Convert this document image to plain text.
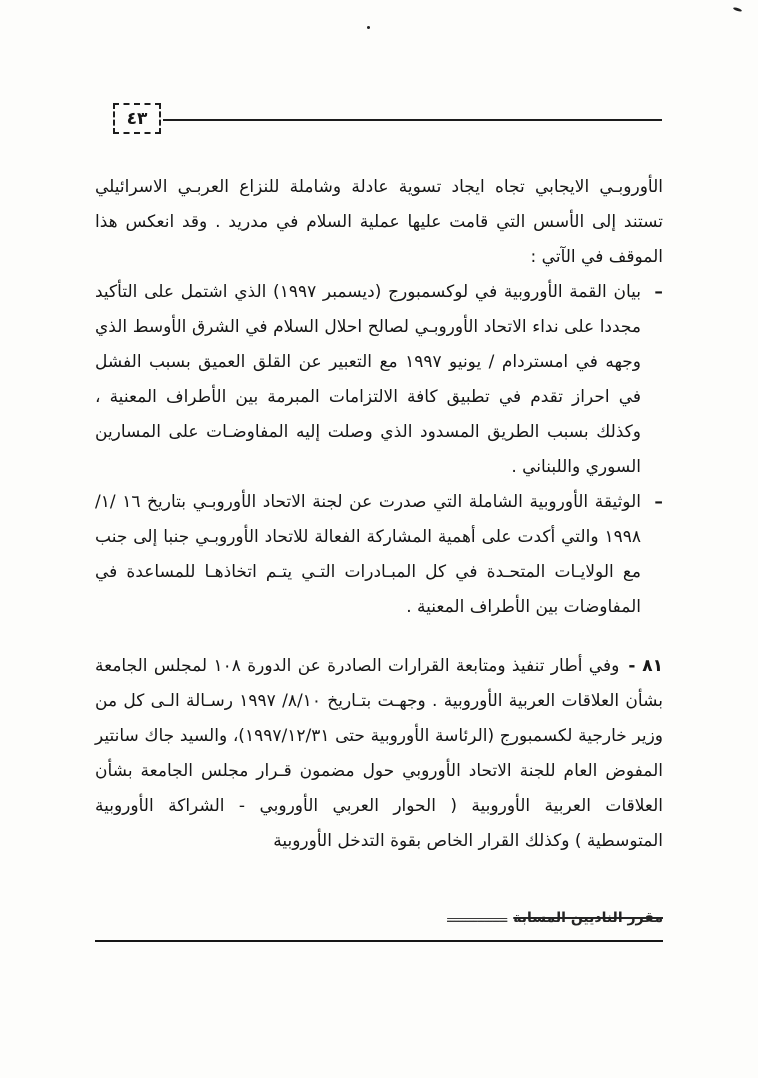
٤٣

الأوروبـي الايجابي تجاه ايجاد تسوية عادلة وشاملة للنزاع العربـي الاسرائيلي تستند إلى الأسس التي قامت عليها عملية السلام في مدريد . وقد انعكس هذا الموقف في الآتي :

–
بيان القمة الأوروبية في لوكسمبورج (ديسمبر ١٩٩٧) الذي اشتمل على التأكيد مجددا على نداء الاتحاد الأوروبـي لصالح احلال السلام في الشرق الأوسط الذي وجهه في امستردام / يونيو ١٩٩٧ مع التعبير عن القلق العميق بسبب الفشل في احراز تقدم في تطبيق كافة الالتزامات المبرمة بين الأطراف المعنية ، وكذلك بسبب الطريق المسدود الذي وصلت إليه المفاوضـات على المسارين السوري واللبناني .
–
الوثيقة الأوروبية الشاملة التي صدرت عن لجنة الاتحاد الأوروبـي بتاريخ ١٦ /١/ ١٩٩٨ والتي أكدت على أهمية المشاركة الفعالة للاتحاد الأوروبـي جنبا إلى جنب مع الولايـات المتحـدة في كل المبـادرات التـي يتـم اتخاذهـا للمساعدة في المفاوضات بين الأطراف المعنية .

٨١ -وفي أطار تنفيذ ومتابعة القرارات الصادرة عن الدورة ١٠٨ لمجلس الجامعة بشأن العلاقات العربية الأوروبية . وجهـت بتـاريخ ٨/١٠/ ١٩٩٧ رسـالة الـى كل من وزير خارجية لكسمبورج (الرئاسة الأوروبية حتى ١٩٩٧/١٢/٣١)، والسيد جاك سانتير المفوض العام للجنة الاتحاد الأوروبي حول مضمون قـرار مجلس الجامعة بشأن العلاقات العربية الأوروبية ( الحوار العربي الأوروبي - الشراكة الأوروبية المتوسطية ) وكذلك القرار الخاص بقوة التدخل الأوروبية

مقرر الناديين المسابة
ــــــــــــــــ
